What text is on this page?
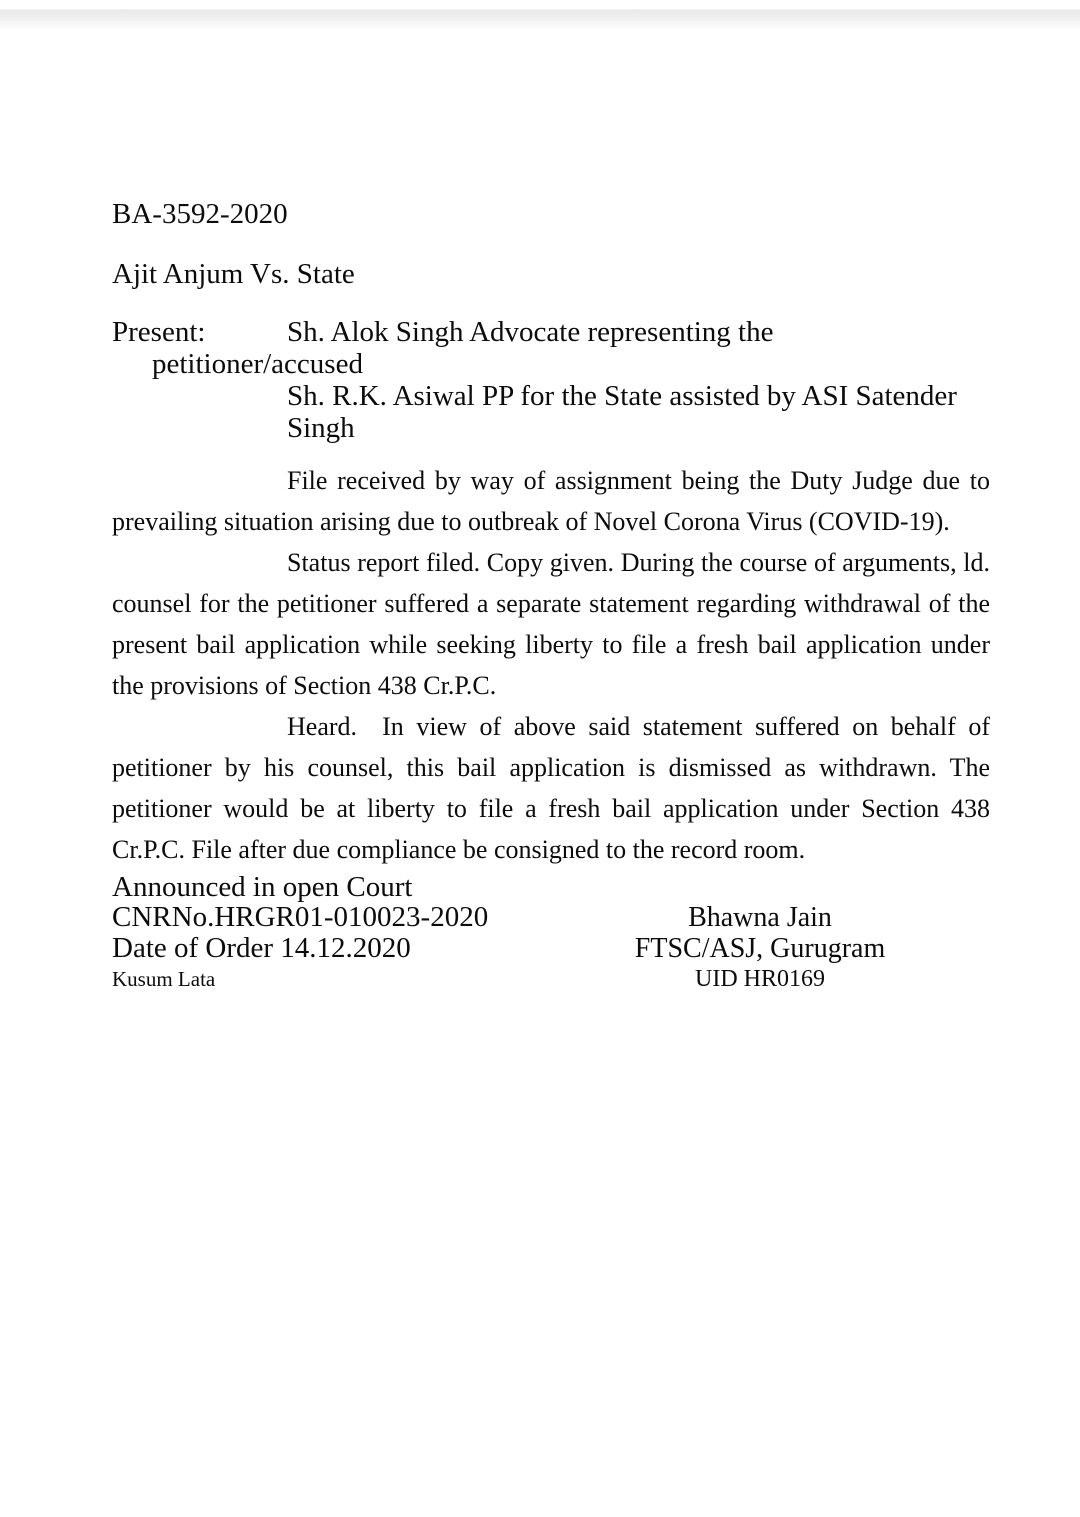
BA-3592-2020
Ajit Anjum Vs. State
Present:	Sh. Alok Singh Advocate representing the
petitioner/accused
Sh. R.K. Asiwal PP for the State assisted by ASI Satender
Singh

File received by way of assignment being the Duty Judge due to prevailing situation arising due to outbreak of Novel Corona Virus (COVID-19).

Status report filed. Copy given. During the course of arguments, ld. counsel for the petitioner suffered a separate statement regarding withdrawal of the present bail application while seeking liberty to file a fresh bail application under the provisions of Section 438 Cr.P.C.

Heard.  In view of above said statement suffered on behalf of petitioner by his counsel, this bail application is dismissed as withdrawn. The petitioner would be at liberty to file a fresh bail application under Section 438 Cr.P.C. File after due compliance be consigned to the record room.

Announced in open Court
CNRNo.HRGR01-010023-2020	Bhawna Jain
Date of Order 14.12.2020	FTSC/ASJ, Gurugram
Kusum Lata	UID HR0169
